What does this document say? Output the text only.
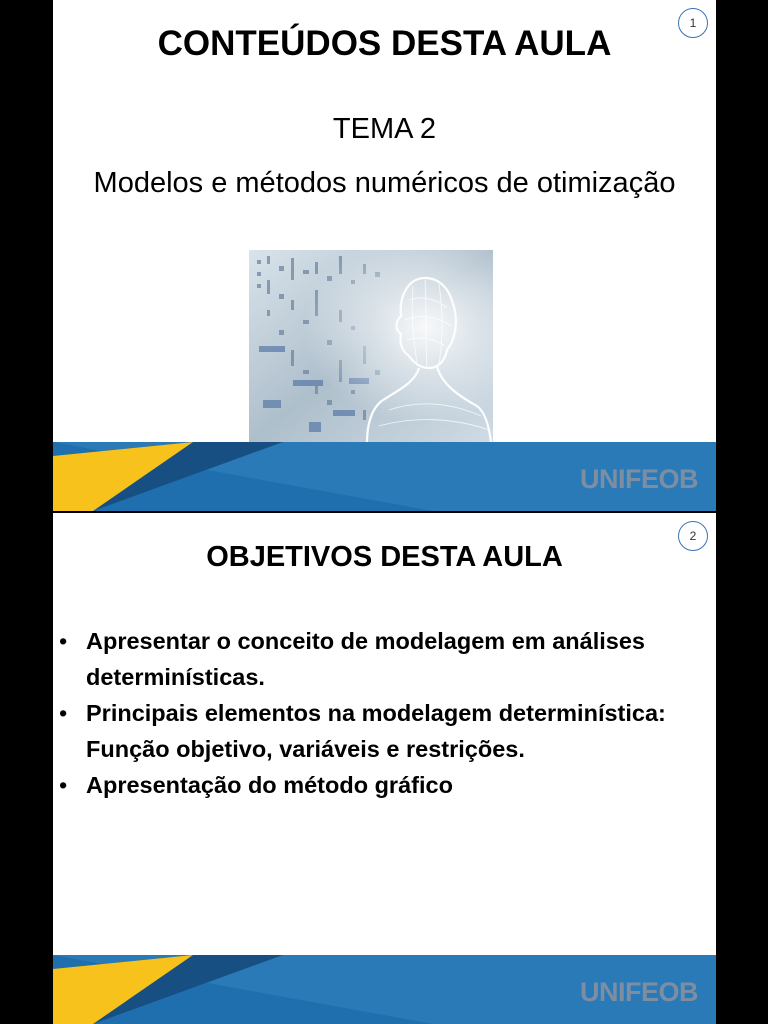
1
CONTEÚDOS DESTA AULA
TEMA 2
Modelos e métodos numéricos de otimização
UNIFEOB
2
OBJETIVOS DESTA AULA
• Apresentar o conceito de modelagem em análises determinísticas.
• Principais elementos na modelagem determinística: Função objetivo, variáveis e restrições.
• Apresentação do método gráfico
UNIFEOB
